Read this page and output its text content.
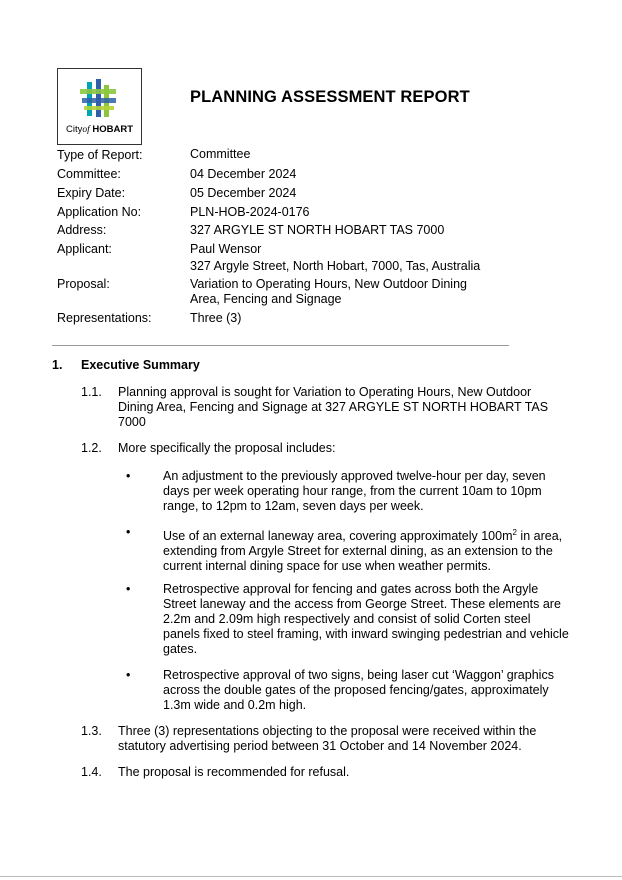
Cityof HOBART
PLANNING ASSESSMENT REPORT
Type of Report:	Committee
Committee:	04 December 2024
Expiry Date:	05 December 2024
Application No:	PLN-HOB-2024-0176
Address:	327 ARGYLE ST NORTH HOBART TAS 7000
Applicant:	Paul Wensor
327 Argyle Street, North Hobart, 7000, Tas, Australia
Proposal:	Variation to Operating Hours, New Outdoor Dining
Area, Fencing and Signage
Representations:	Three (3)
1. Executive Summary
1.1. Planning approval is sought for Variation to Operating Hours, New Outdoor
Dining Area, Fencing and Signage at 327 ARGYLE ST NORTH HOBART TAS
7000
1.2. More specifically the proposal includes:
•	An adjustment to the previously approved twelve-hour per day, seven
days per week operating hour range, from the current 10am to 10pm
range, to 12pm to 12am, seven days per week.
•	Use of an external laneway area, covering approximately $100m^2$ in area,
extending from Argyle Street for external dining, as an extension to the
current internal dining space for use when weather permits.
•	Retrospective approval for fencing and gates across both the Argyle
Street laneway and the access from George Street. These elements are
2.2m and 2.09m high respectively and consist of solid Corten steel
panels fixed to steel framing, with inward swinging pedestrian and vehicle
gates.
•	Retrospective approval of two signs, being laser cut ‘Waggon’ graphics
across the double gates of the proposed fencing/gates, approximately
1.3m wide and 0.2m high.
1.3. Three (3) representations objecting to the proposal were received within the
statutory advertising period between 31 October and 14 November 2024.
1.4. The proposal is recommended for refusal.
